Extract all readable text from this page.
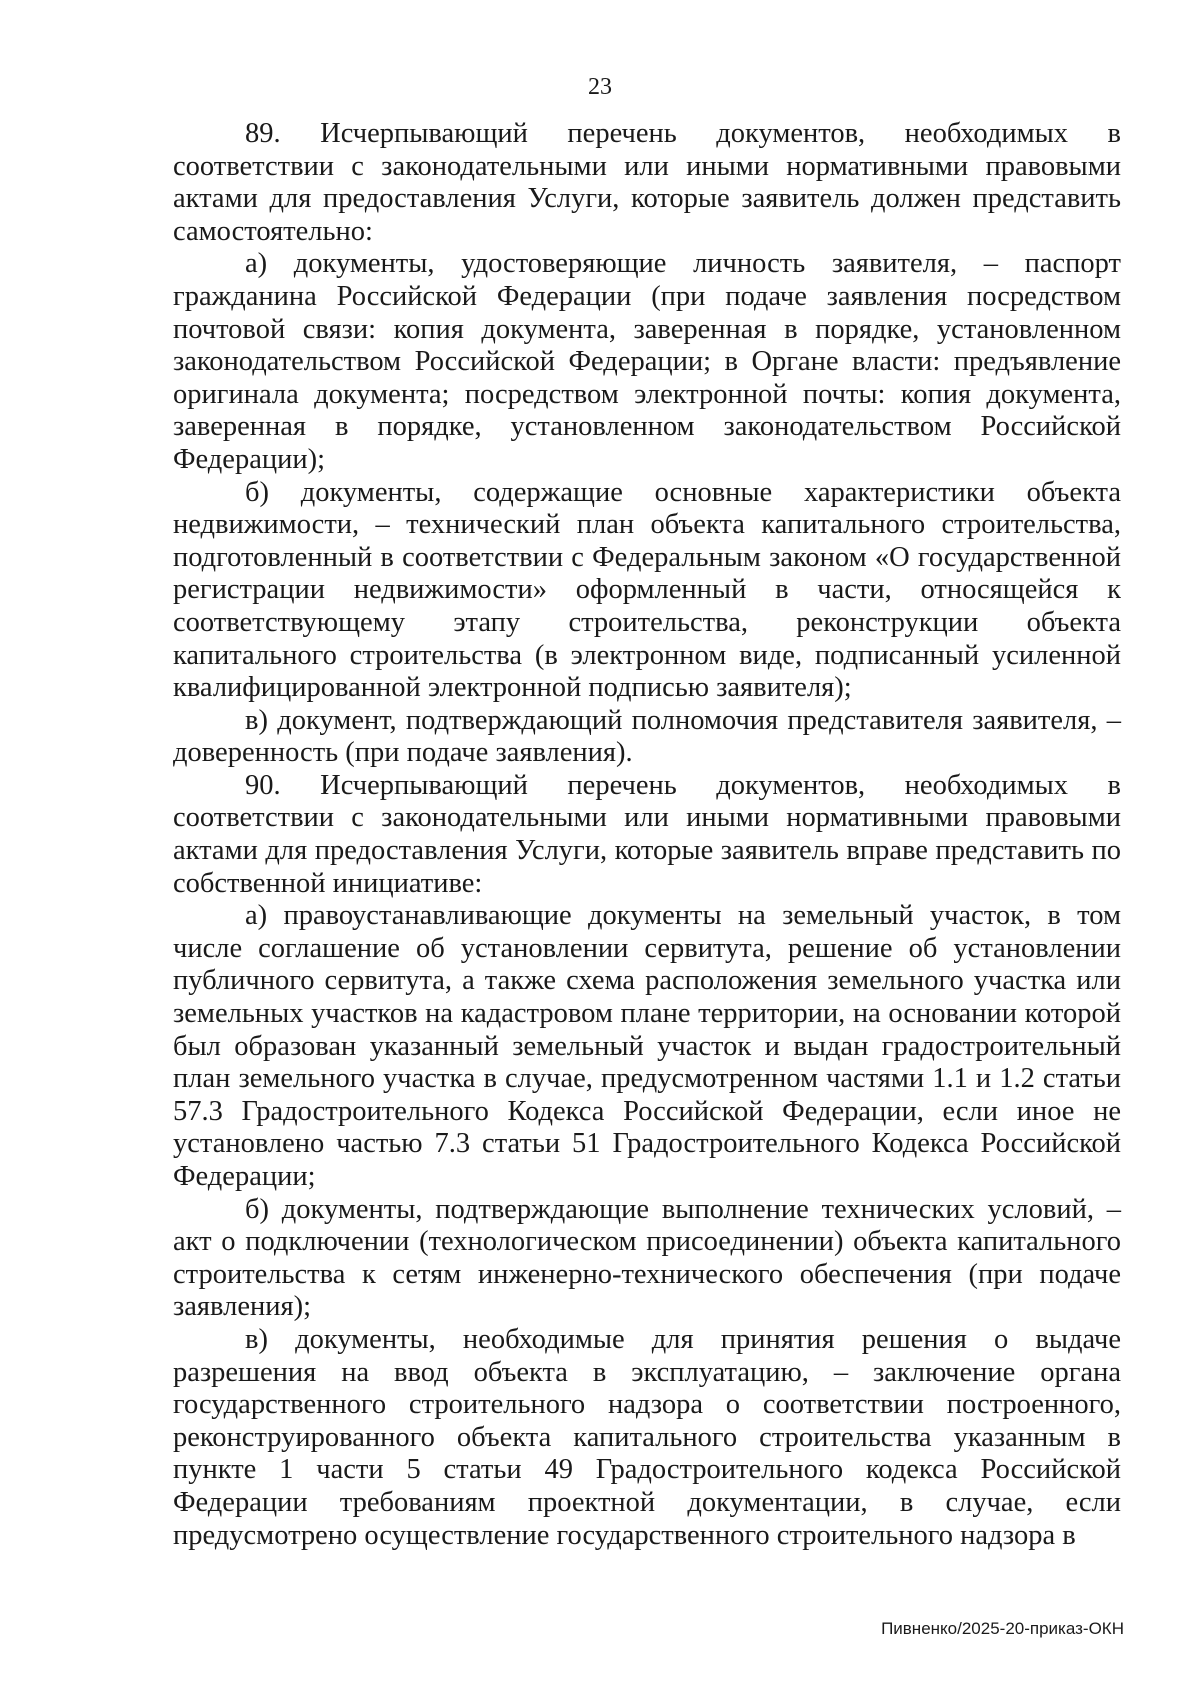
23

89. Исчерпывающий перечень документов, необходимых в соответствии с законодательными или иными нормативными правовыми актами для предоставления Услуги, которые заявитель должен представить самостоятельно:

а) документы, удостоверяющие личность заявителя, – паспорт гражданина Российской Федерации (при подаче заявления посредством почтовой связи: копия документа, заверенная в порядке, установленном законодательством Российской Федерации; в Органе власти: предъявление оригинала документа; посредством электронной почты: копия документа, заверенная в порядке, установленном законодательством Российской Федерации);

б) документы, содержащие основные характеристики объекта недвижимости, – технический план объекта капитального строительства, подготовленный в соответствии с Федеральным законом «О государственной регистрации недвижимости» оформленный в части, относящейся к соответствующему этапу строительства, реконструкции объекта капитального строительства (в электронном виде, подписанный усиленной квалифицированной электронной подписью заявителя);

в) документ, подтверждающий полномочия представителя заявителя, – доверенность (при подаче заявления).

90. Исчерпывающий перечень документов, необходимых в соответствии с законодательными или иными нормативными правовыми актами для предоставления Услуги, которые заявитель вправе представить по собственной инициативе:

а) правоустанавливающие документы на земельный участок, в том числе соглашение об установлении сервитута, решение об установлении публичного сервитута, а также схема расположения земельного участка или земельных участков на кадастровом плане территории, на основании которой был образован указанный земельный участок и выдан градостроительный план земельного участка в случае, предусмотренном частями 1.1 и 1.2 статьи 57.3 Градостроительного Кодекса Российской Федерации, если иное не установлено частью 7.3 статьи 51 Градостроительного Кодекса Российской Федерации;

б) документы, подтверждающие выполнение технических условий, – акт о подключении (технологическом присоединении) объекта капитального строительства к сетям инженерно-технического обеспечения (при подаче заявления);

в) документы, необходимые для принятия решения о выдаче разрешения на ввод объекта в эксплуатацию, – заключение органа государственного строительного надзора о соответствии построенного, реконструированного объекта капитального строительства указанным в пункте 1 части 5 статьи 49 Градостроительного кодекса Российской Федерации требованиям проектной документации, в случае, если предусмотрено осуществление государственного строительного надзора в

Пивненко/2025-20-приказ-ОКН
